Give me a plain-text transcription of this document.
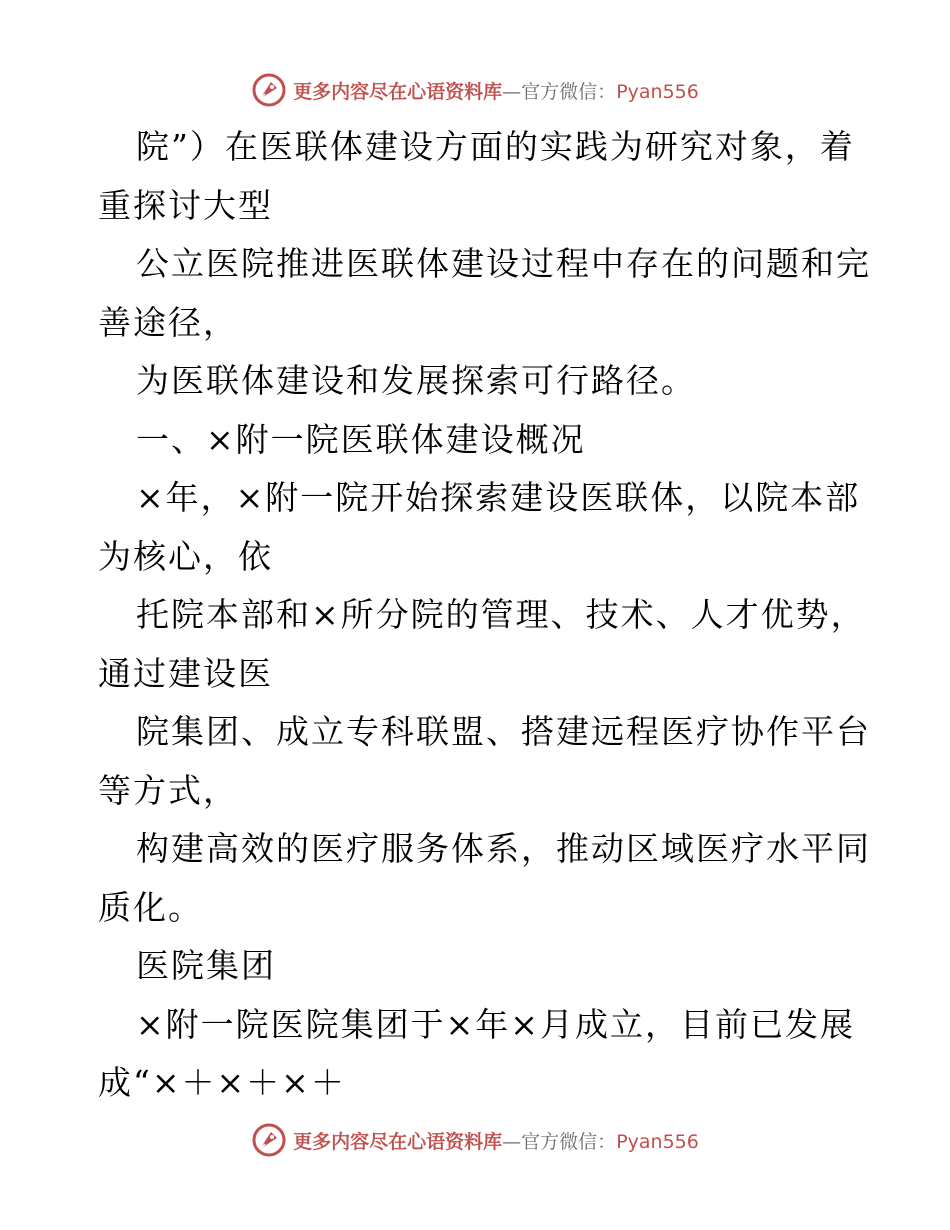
更多内容尽在心语资料库—官方微信：Pyan556
院”）在医联体建设方面的实践为研究对象，着
重探讨大型
公立医院推进医联体建设过程中存在的问题和完
善途径，
为医联体建设和发展探索可行路径。
一、×附一院医联体建设概况
×年，×附一院开始探索建设医联体，以院本部
为核心，依
托院本部和×所分院的管理、技术、人才优势，
通过建设医
院集团、成立专科联盟、搭建远程医疗协作平台
等方式，
构建高效的医疗服务体系，推动区域医疗水平同
质化。
医院集团
×附一院医院集团于×年×月成立，目前已发展
成“×＋×＋×＋
更多内容尽在心语资料库—官方微信：Pyan556
